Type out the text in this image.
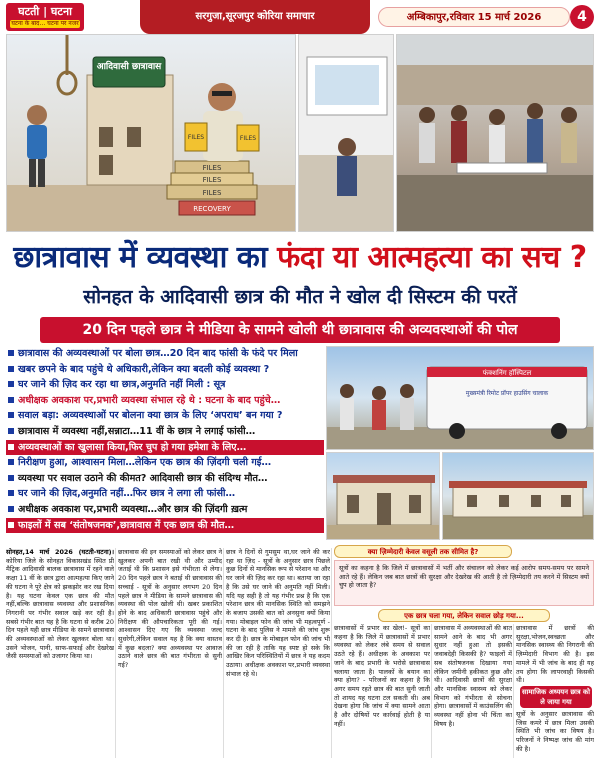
घटती | घटना
घटना के बाद… घटना पर नजर
सरगुजा,सूरजपुर कोरिया समाचार	अम्बिकापुर,रविवार 15 मार्च 2026	4
आदिवासी छात्रावास
RECOVERY
FILES
FILES
FILES
FILES	FILES
छात्रावास में व्यवस्था का फंदा या आत्महत्या का सच ?
सोनहत के आदिवासी छात्र की मौत ने खोल दी सिस्टम की परतें
20 दिन पहले छात्र ने मीडिया के सामने खोली थी छात्रावास की अव्यवस्थाओं की पोल
छात्रावास की अव्यवस्थाओं पर बोला छात्र…20 दिन बाद फांसी के फंदे पर मिला
खबर छपने के बाद पहुंचे थे अधिकारी,लेकिन क्या बदली कोई व्यवस्था ?
घर जाने की ज़िद कर रहा था छात्र,अनुमति नहीं मिली : सूत्र
अधीक्षक अवकाश पर,प्रभारी व्यवस्था संभाल रहे थे : घटना के बाद पहुंचे…
सवाल बड़ा: अव्यवस्थाओं पर बोलना क्या छात्र के लिए ‘अपराध’ बन गया ?
छात्रावास में व्यवस्था नहीं,सन्नाटा…11 वीं के छात्र ने लगाई फांसी…
अव्यवस्थाओं का खुलासा किया,फिर चुप हो गया हमेशा के लिए…
निरीक्षण हुआ, आश्वासन मिला…लेकिन एक छात्र की ज़िंदगी चली गई…
व्यवस्था पर सवाल उठाने की कीमत? आदिवासी छात्र की संदिग्ध मौत…
घर जाने की ज़िद,अनुमति नहीं…फिर छात्र ने लगा ली फांसी…
अधीक्षक अवकाश पर,प्रभारी व्यवस्था…और छात्र की ज़िंदगी ख़त्म
फाइलों में सब ‘संतोषजनक’,छात्रावास में एक छात्र की मौत…
फंक्शनिंग हॉस्पिटल
मुख्यमंत्री रिमोट प्रॉपर हाउसिंग चालाक
सोनहत,14 मार्च 2026 (घटती-घटना)। कोरिया जिले के सोनहत विकासखंड स्थित प्री मैट्रिक आदिवासी बालक छात्रावास में रहने वाले कक्षा 11 वीं के छात्र द्वारा आत्महत्या किए जाने की घटना ने पूरे क्षेत्र को झकझोर कर रख दिया है। यह घटना केवल एक छात्र की मौत नहीं,बल्कि छात्रावास व्यवस्था और प्रशासनिक निगरानी पर गंभीर सवाल खड़े कर रही है। सबसे गंभीर बात यह है कि घटना से करीब 20 दिन पहले यही छात्र मीडिया के सामने छात्रावास की अव्यवस्थाओं को लेकर खुलकर बोला था। उसने भोजन, पानी, साफ-सफाई और देखरेख जैसी समस्याओं को उजागर किया था।
छात्रावास की इन समस्याओं को लेकर छात्र ने खुलकर अपनी बात रखी थी और उम्मीद जताई थी कि प्रशासन इसे गंभीरता से लेगा। 20 दिन पहले छात्र ने बताई थी छात्रावास की सच्चाई - सूत्रों के अनुसार लगभग 20 दिन पहले छात्र ने मीडिया के सामने छात्रावास की व्यवस्था की पोल खोली थी। खबर प्रकाशित होने के बाद अधिकारी छात्रावास पहुंचे और निरीक्षण की औपचारिकता पूरी की गई। आश्वासन दिए गए कि व्यवस्था जल्द सुधरेगी,लेकिन सवाल यह है कि क्या वास्तव में कुछ बदला? क्या अव्यवस्था पर आवाज उठाने वाले छात्र की बात गंभीरता से सुनी गई?
छात्र ने दिनों से गुमसुम था,घर जाने की कर रहा था ज़िद - सूत्रों के अनुसार छात्र पिछले कुछ दिनों से मानसिक रूप से परेशान था और घर जाने की ज़िद कर रहा था। बताया जा रहा है कि उसे घर जाने की अनुमति नहीं मिली। यदि यह सही है तो यह गंभीर प्रश्न है कि एक परेशान छात्र की मानसिक स्थिति को समझने के बजाय उसकी बात को अनसुना क्यों किया गया। मोबाइल फोन की जांच भी महत्वपूर्ण - घटना के बाद पुलिस ने मामले की जांच शुरू कर दी है। छात्र के मोबाइल फोन की जांच भी की जा रही है ताकि यह स्पष्ट हो सके कि आखिर किन परिस्थितियों में छात्र ने यह कदम उठाया। अधीक्षक अवकाश पर,प्रभारी व्यवस्था संभाल रहे थे।
क्या ज़िम्मेदारी केवल वसूली तक सीमित है?
सूत्रों का कहना है कि जिले में छात्रावासों में भर्ती और संचालन को लेकर कई आरोप समय-समय पर सामने आते रहे हैं। लेकिन जब बात छात्रों की सुरक्षा और देखरेख की आती है तो ज़िम्मेदारी तय करने में सिस्टम क्यों चुप हो जाता है?
एक छात्र चला गया, लेकिन सवाल छोड़ गया...
छात्रावासों में प्रभार का खेल!- सूत्रों का कहना है कि जिले में छात्रावासों में प्रभार व्यवस्था को लेकर लंबे समय से सवाल उठते रहे हैं। अधीक्षक के अवकाश पर जाने के बाद प्रभारी के भरोसे छात्रावास चलाया जाता है। पालकों के बयान का क्या होगा? - परिजनों का कहना है कि अगर समय रहते छात्र की बात सुनी जाती तो शायद यह घटना टल सकती थी। अब देखना होगा कि जांच में क्या सामने आता है और दोषियों पर कार्रवाई होती है या नहीं।
छात्रावास में अव्यवस्थाओं की बात सामने आने के बाद भी अगर सुधार नहीं हुआ तो इसकी जवाबदेही किसकी है? फाइलों में सब संतोषजनक दिखाया गया लेकिन जमीनी हकीकत कुछ और थी। आदिवासी छात्रों की सुरक्षा और मानसिक स्वास्थ्य को लेकर विभाग को गंभीरता से सोचना होगा। छात्रावासों में काउंसलिंग की व्यवस्था नहीं होना भी चिंता का विषय है।
छात्रावास में छात्रों की सुरक्षा,भोजन,स्वच्छता और मानसिक स्वास्थ्य की निगरानी की ज़िम्मेदारी विभाग की है। इस मामले में भी जांच के बाद ही यह तय होगा कि लापरवाही किसकी थी।
सामाजिक अध्ययन छात्र को ले जाया गया
सूत्रों के अनुसार छात्रावास की जिस कमरे में छात्र मिला उसकी स्थिति भी जांच का विषय है। परिजनों ने निष्पक्ष जांच की मांग की है।
